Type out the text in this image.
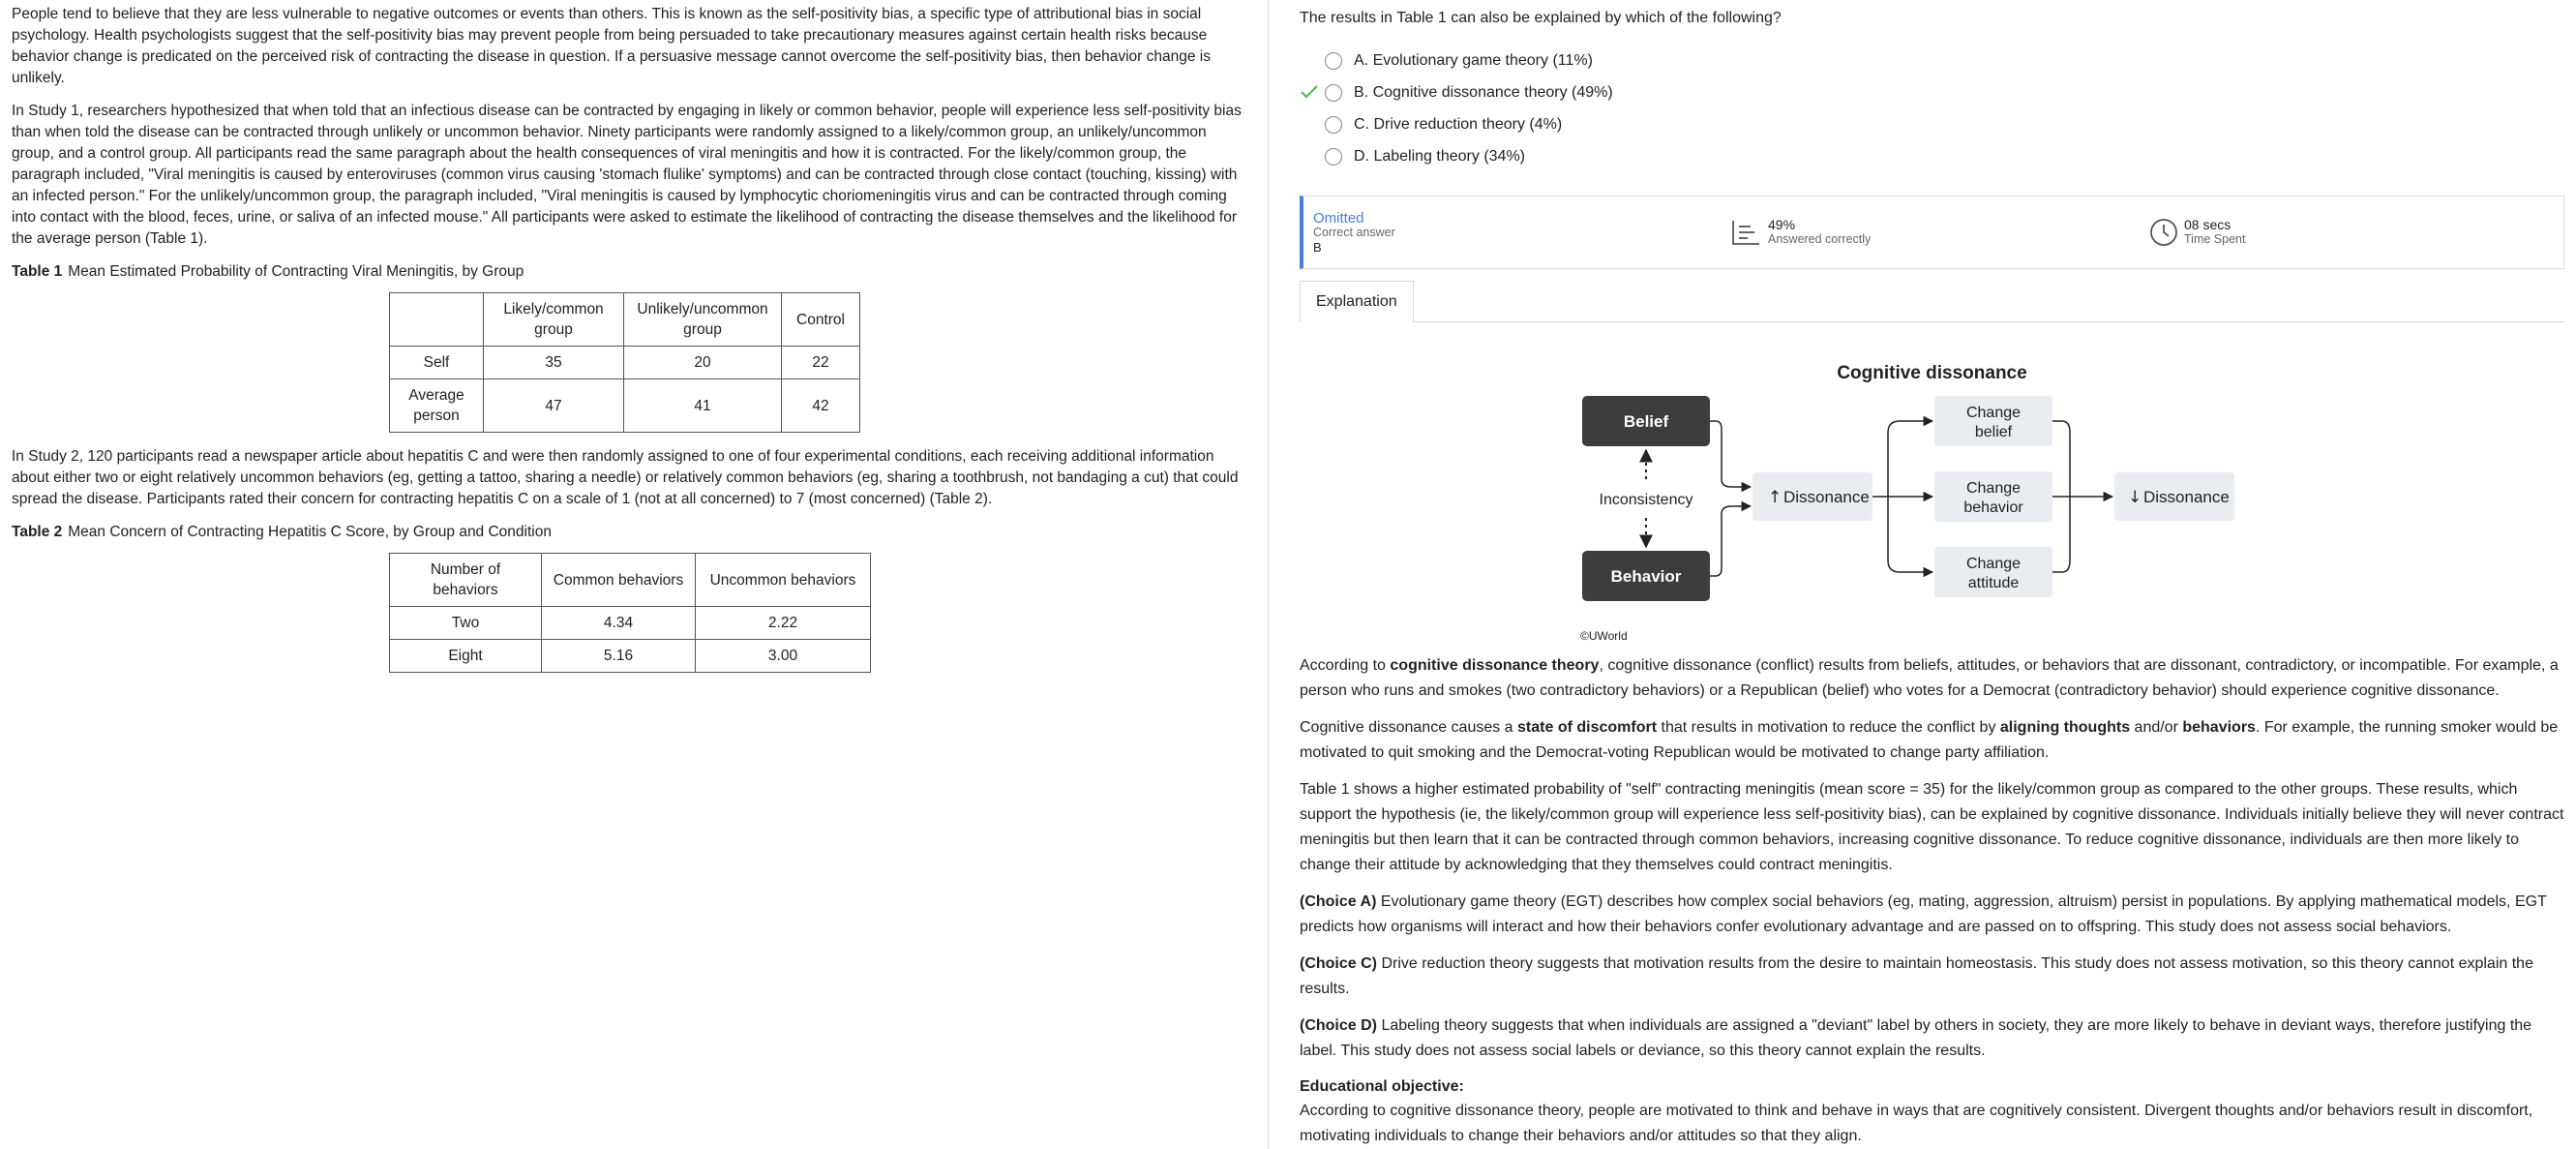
People tend to believe that they are less vulnerable to negative outcomes or events than others. This is known as the self-positivity bias, a specific type of attributional bias in social psychology. Health psychologists suggest that the self-positivity bias may prevent people from being persuaded to take precautionary measures against certain health risks because behavior change is predicated on the perceived risk of contracting the disease in question. If a persuasive message cannot overcome the self-positivity bias, then behavior change is unlikely.

In Study 1, researchers hypothesized that when told that an infectious disease can be contracted by engaging in likely or common behavior, people will experience less self-positivity bias than when told the disease can be contracted through unlikely or uncommon behavior. Ninety participants were randomly assigned to a likely/common group, an unlikely/uncommon group, and a control group. All participants read the same paragraph about the health consequences of viral meningitis and how it is contracted. For the likely/common group, the paragraph included, "Viral meningitis is caused by enteroviruses (common virus causing 'stomach flulike' symptoms) and can be contracted through close contact (touching, kissing) with an infected person." For the unlikely/uncommon group, the paragraph included, "Viral meningitis is caused by lymphocytic choriomeningitis virus and can be contracted through coming into contact with the blood, feces, urine, or saliva of an infected mouse." All participants were asked to estimate the likelihood of contracting the disease themselves and the likelihood for the average person (Table 1).

Table 1 Mean Estimated Probability of Contracting Viral Meningitis, by Group

	Likely/common group	Unlikely/uncommon group	Control
Self	35	20	22
Average person	47	41	42

In Study 2, 120 participants read a newspaper article about hepatitis C and were then randomly assigned to one of four experimental conditions, each receiving additional information about either two or eight relatively uncommon behaviors (eg, getting a tattoo, sharing a needle) or relatively common behaviors (eg, sharing a toothbrush, not bandaging a cut) that could spread the disease. Participants rated their concern for contracting hepatitis C on a scale of 1 (not at all concerned) to 7 (most concerned) (Table 2).

Table 2 Mean Concern of Contracting Hepatitis C Score, by Group and Condition

Number of behaviors	Common behaviors	Uncommon behaviors
Two	4.34	2.22
Eight	5.16	3.00

The results in Table 1 can also be explained by which of the following?

A.
Evolutionary game theory
(11%)
B.
Cognitive dissonance theory
(49%)
C.
Drive reduction theory
(4%)
D.
Labeling theory
(34%)
Omitted
Correct answer
B
49%
Answered correctly
08 secs
Time Spent
Explanation
Cognitive dissonance
Belief
Behavior
Inconsistency	↑ Dissonance
Change
belief
Change
behavior
Change
attitude
↓ Dissonance
©UWorld

According to cognitive dissonance theory, cognitive dissonance (conflict) results from beliefs, attitudes, or behaviors that are dissonant, contradictory, or incompatible. For example, a person who runs and smokes (two contradictory behaviors) or a Republican (belief) who votes for a Democrat (contradictory behavior) should experience cognitive dissonance.

Cognitive dissonance causes a state of discomfort that results in motivation to reduce the conflict by aligning thoughts and/or behaviors. For example, the running smoker would be motivated to quit smoking and the Democrat-voting Republican would be motivated to change party affiliation.

Table 1 shows a higher estimated probability of "self" contracting meningitis (mean score = 35) for the likely/common group as compared to the other groups. These results, which support the hypothesis (ie, the likely/common group will experience less self-positivity bias), can be explained by cognitive dissonance. Individuals initially believe they will never contract meningitis but then learn that it can be contracted through common behaviors, increasing cognitive dissonance. To reduce cognitive dissonance, individuals are then more likely to change their attitude by acknowledging that they themselves could contract meningitis.

(Choice A) Evolutionary game theory (EGT) describes how complex social behaviors (eg, mating, aggression, altruism) persist in populations. By applying mathematical models, EGT predicts how organisms will interact and how their behaviors confer evolutionary advantage and are passed on to offspring. This study does not assess social behaviors.

(Choice C) Drive reduction theory suggests that motivation results from the desire to maintain homeostasis. This study does not assess motivation, so this theory cannot explain the results.

(Choice D) Labeling theory suggests that when individuals are assigned a "deviant" label by others in society, they are more likely to behave in deviant ways, therefore justifying the label. This study does not assess social labels or deviance, so this theory cannot explain the results.

Educational objective:

According to cognitive dissonance theory, people are motivated to think and behave in ways that are cognitively consistent. Divergent thoughts and/or behaviors result in discomfort, motivating individuals to change their behaviors and/or attitudes so that they align.
